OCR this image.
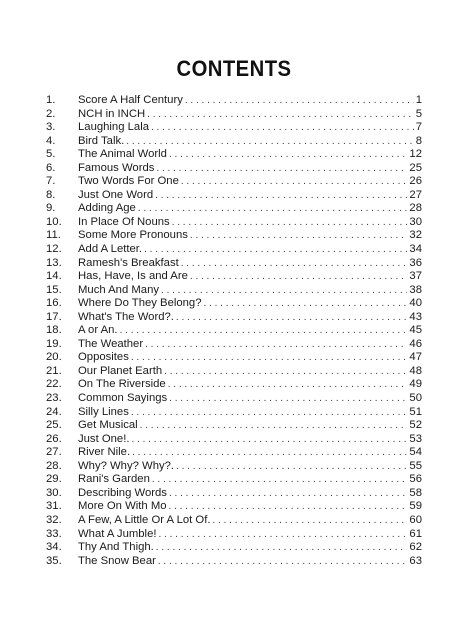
CONTENTS
1.	Score A Half Century . . .	1
2.	NCH in INCH . . .	5
3.	Laughing Lala . . .	7
4.	Bird Talk. . . .	8
5.	The Animal World . . .	12
6.	Famous Words . . .	25
7.	Two Words For One . . .	26
8.	Just One Word . . .	27
9.	Adding Age . . .	28
10.	In Place Of Nouns . . .	30
11.	Some More Pronouns . . .	32
12.	Add A Letter. . . .	34
13.	Ramesh's Breakfast . . .	36
14.	Has, Have, Is and Are . . .	37
15.	Much And Many . . .	38
16.	Where Do They Belong? . . .	40
17.	What's The Word?. . . .	43
18.	A or An. . . .	45
19.	The Weather . . .	46
20.	Opposites . . .	47
21.	Our Planet Earth . . .	48
22.	On The Riverside . . .	49
23.	Common Sayings . . .	50
24.	Silly Lines . . .	51
25.	Get Musical . . .	52
26.	Just One!. . . .	53
27.	River Nile. . . .	54
28.	Why? Why? Why?. . . .	55
29.	Rani's Garden . . .	56
30.	Describing Words . . .	58
31.	More On With Mo . . .	59
32.	A Few, A Little Or A Lot Of. . . .	60
33.	What A Jumble! . . .	61
34.	Thy And Thigh. . . .	62
35.	The Snow Bear . . .	63
